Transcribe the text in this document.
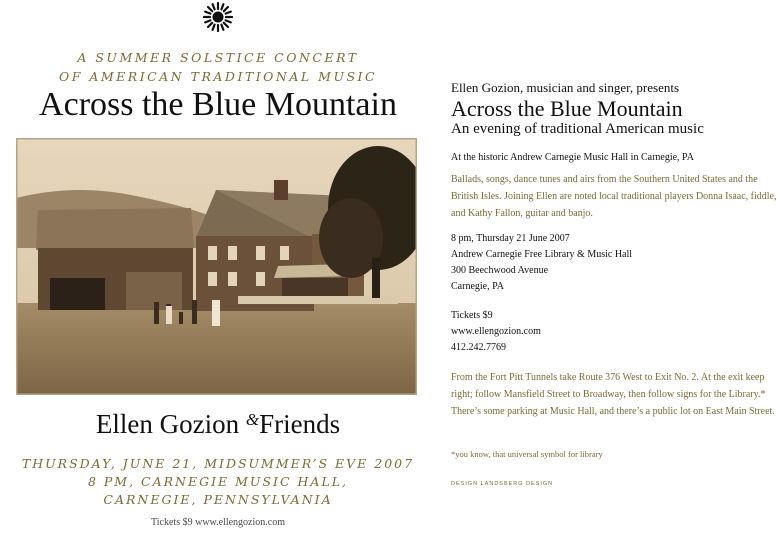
A SUMMER SOLSTICE CONCERT
OF AMERICAN TRADITIONAL MUSIC
Across the Blue Mountain
Ellen Gozion &Friends
THURSDAY, JUNE 21, MIDSUMMER’S EVE 2007
8 PM, CARNEGIE MUSIC HALL,
CARNEGIE, PENNSYLVANIA
Tickets $9 www.ellengozion.com
Ellen Gozion, musician and singer, presents
Across the Blue Mountain
An evening of traditional American music
At the historic Andrew Carnegie Music Hall in Carnegie, PA
Ballads, songs, dance tunes and airs from the Southern United States and the British Isles. Joining Ellen are noted local traditional players Donna Isaac, fiddle, and Kathy Fallon, guitar and banjo.
8 pm, Thursday 21 June 2007
Andrew Carnegie Free Library & Music Hall
300 Beechwood Avenue
Carnegie, PA
Tickets $9
www.ellengozion.com
412.242.7769
From the Fort Pitt Tunnels take Route 376 West to Exit No. 2. At the exit keep right; follow Mansfield Street to Broadway, then follow signs for the Library.* There’s some parking at Music Hall, and there’s a public lot on East Main Street.
*you know, that universal symbol for library
DESIGN LANDSBERG DESIGN
